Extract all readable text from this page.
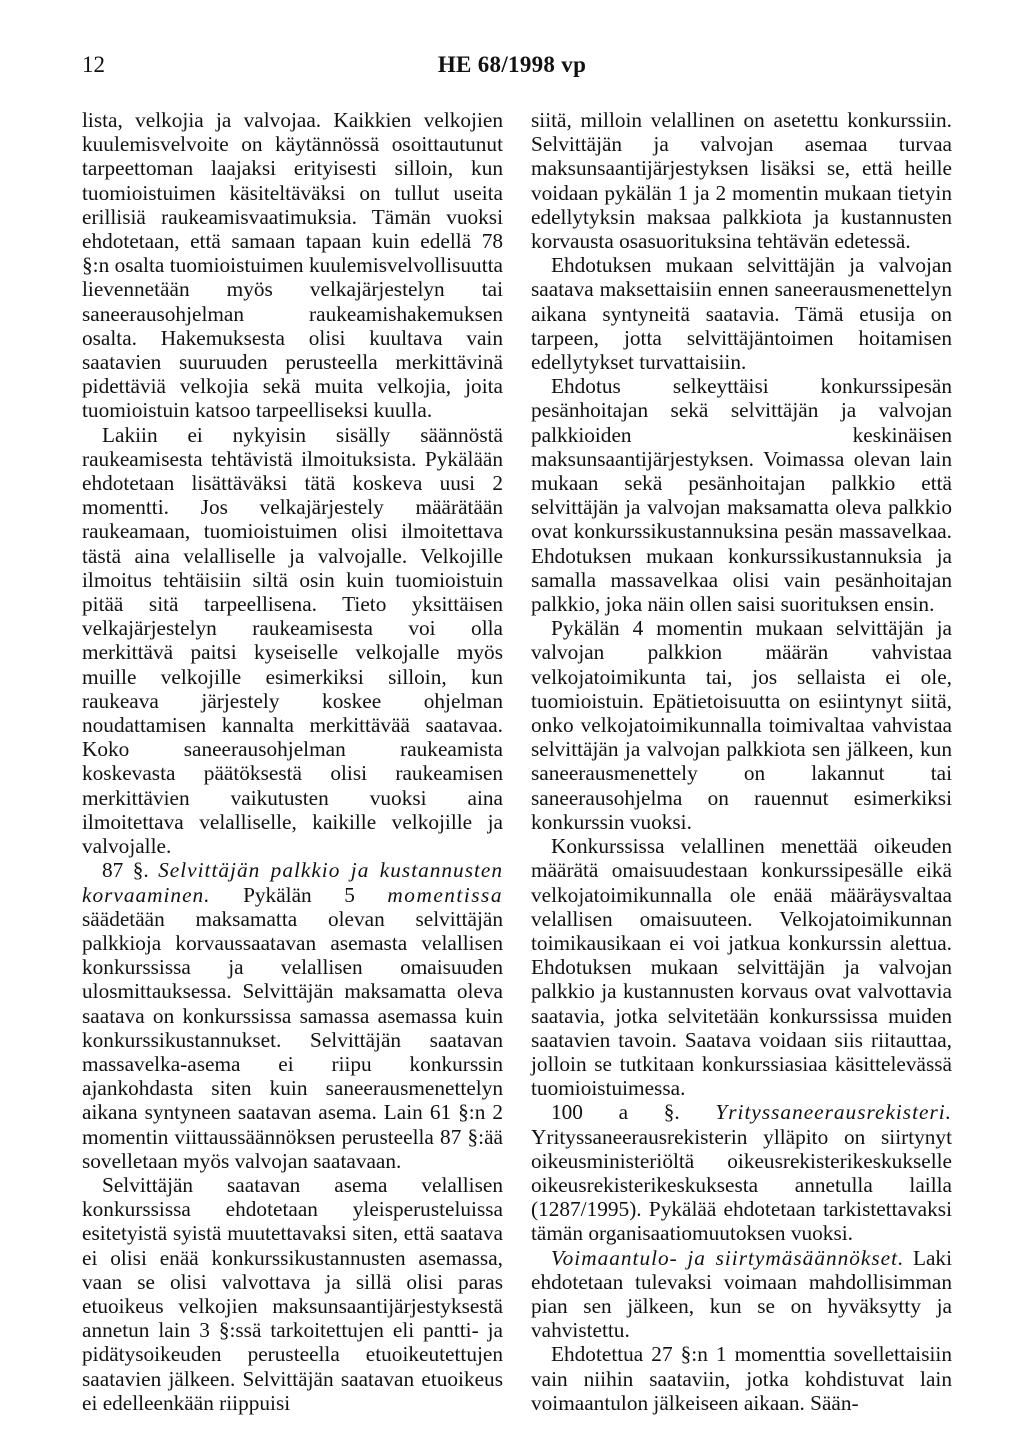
12	HE 68/1998 vp

lista, velkojia ja valvojaa. Kaikkien velkojien kuulemisvelvoite on käytännössä osoittautunut tarpeettoman laajaksi erityisesti silloin, kun tuomioistuimen käsiteltäväksi on tullut useita erillisiä raukeamisvaatimuksia. Tämän vuoksi ehdotetaan, että samaan tapaan kuin edellä 78 §:n osalta tuomioistuimen kuulemisvelvollisuutta lievennetään myös velkajärjestelyn tai saneerausohjelman raukeamishakemuksen osalta. Hakemuksesta olisi kuultava vain saatavien suuruuden perusteella merkittävinä pidettäviä velkojia sekä muita velkojia, joita tuomioistuin katsoo tarpeelliseksi kuulla.

Lakiin ei nykyisin sisälly säännöstä raukeamisesta tehtävistä ilmoituksista. Pykälään ehdotetaan lisättäväksi tätä koskeva uusi 2 momentti. Jos velkajärjestely määrätään raukeamaan, tuomioistuimen olisi ilmoitettava tästä aina velalliselle ja valvojalle. Velkojille ilmoitus tehtäisiin siltä osin kuin tuomioistuin pitää sitä tarpeellisena. Tieto yksittäisen velkajärjestelyn raukeamisesta voi olla merkittävä paitsi kyseiselle velkojalle myös muille velkojille esimerkiksi silloin, kun raukeava järjestely koskee ohjelman noudattamisen kannalta merkittävää saatavaa. Koko saneerausohjelman raukeamista koskevasta päätöksestä olisi raukeamisen merkittävien vaikutusten vuoksi aina ilmoitettava velalliselle, kaikille velkojille ja valvojalle.

87 §. Selvittäjän palkkio ja kustannusten korvaaminen. Pykälän 5 momentissa säädetään maksamatta olevan selvittäjän palkkioja korvaussaatavan asemasta velallisen konkurssissa ja velallisen omaisuuden ulosmittauksessa. Selvittäjän maksamatta oleva saatava on konkurssissa samassa asemassa kuin konkurssikustannukset. Selvittäjän saatavan massavelka-asema ei riipu konkurssin ajankohdasta siten kuin saneerausmenettelyn aikana syntyneen saatavan asema. Lain 61 §:n 2 momentin viittaussäännöksen perusteella 87 §:ää sovelletaan myös valvojan saatavaan.

Selvittäjän saatavan asema velallisen konkurssissa ehdotetaan yleisperusteluissa esitetyistä syistä muutettavaksi siten, että saatava ei olisi enää konkurssikustannusten asemassa, vaan se olisi valvottava ja sillä olisi paras etuoikeus velkojien maksunsaantijärjestyksestä annetun lain 3 §:ssä tarkoitettujen eli pantti- ja pidätysoikeuden perusteella etuoikeutettujen saatavien jälkeen. Selvittäjän saatavan etuoikeus ei edelleenkään riippuisi

siitä, milloin velallinen on asetettu konkurssiin. Selvittäjän ja valvojan asemaa turvaa maksunsaantijärjestyksen lisäksi se, että heille voidaan pykälän 1 ja 2 momentin mukaan tietyin edellytyksin maksaa palkkiota ja kustannusten korvausta osasuorituksina tehtävän edetessä.

Ehdotuksen mukaan selvittäjän ja valvojan saatava maksettaisiin ennen saneerausmenettelyn aikana syntyneitä saatavia. Tämä etusija on tarpeen, jotta selvittäjäntoimen hoitamisen edellytykset turvattaisiin.

Ehdotus selkeyttäisi konkurssipesän pesänhoitajan sekä selvittäjän ja valvojan palkkioiden keskinäisen maksunsaantijärjestyksen. Voimassa olevan lain mukaan sekä pesänhoitajan palkkio että selvittäjän ja valvojan maksamatta oleva palkkio ovat konkurssikustannuksina pesän massavelkaa. Ehdotuksen mukaan konkurssikustannuksia ja samalla massavelkaa olisi vain pesänhoitajan palkkio, joka näin ollen saisi suorituksen ensin.

Pykälän 4 momentin mukaan selvittäjän ja valvojan palkkion määrän vahvistaa velkojatoimikunta tai, jos sellaista ei ole, tuomioistuin. Epätietoisuutta on esiintynyt siitä, onko velkojatoimikunnalla toimivaltaa vahvistaa selvittäjän ja valvojan palkkiota sen jälkeen, kun saneerausmenettely on lakannut tai saneerausohjelma on rauennut esimerkiksi konkurssin vuoksi.

Konkurssissa velallinen menettää oikeuden määrätä omaisuudestaan konkurssipesälle eikä velkojatoimikunnalla ole enää määräysvaltaa velallisen omaisuuteen. Velkojatoimikunnan toimikausikaan ei voi jatkua konkurssin alettua. Ehdotuksen mukaan selvittäjän ja valvojan palkkio ja kustannusten korvaus ovat valvottavia saatavia, jotka selvitetään konkurssissa muiden saatavien tavoin. Saatava voidaan siis riitauttaa, jolloin se tutkitaan konkurssiasiaa käsittelevässä tuomioistuimessa.

100 a §. Yrityssaneerausrekisteri. Yrityssaneerausrekisterin ylläpito on siirtynyt oikeusministeriöltä oikeusrekisterikeskukselle oikeusrekisterikeskuksesta annetulla lailla (1287/1995). Pykälää ehdotetaan tarkistettavaksi tämän organisaatiomuutoksen vuoksi.

Voimaantulo- ja siirtymäsäännökset. Laki ehdotetaan tulevaksi voimaan mahdollisimman pian sen jälkeen, kun se on hyväksytty ja vahvistettu.

Ehdotettua 27 §:n 1 momenttia sovellettaisiin vain niihin saataviin, jotka kohdistuvat lain voimaantulon jälkeiseen aikaan. Sään-
